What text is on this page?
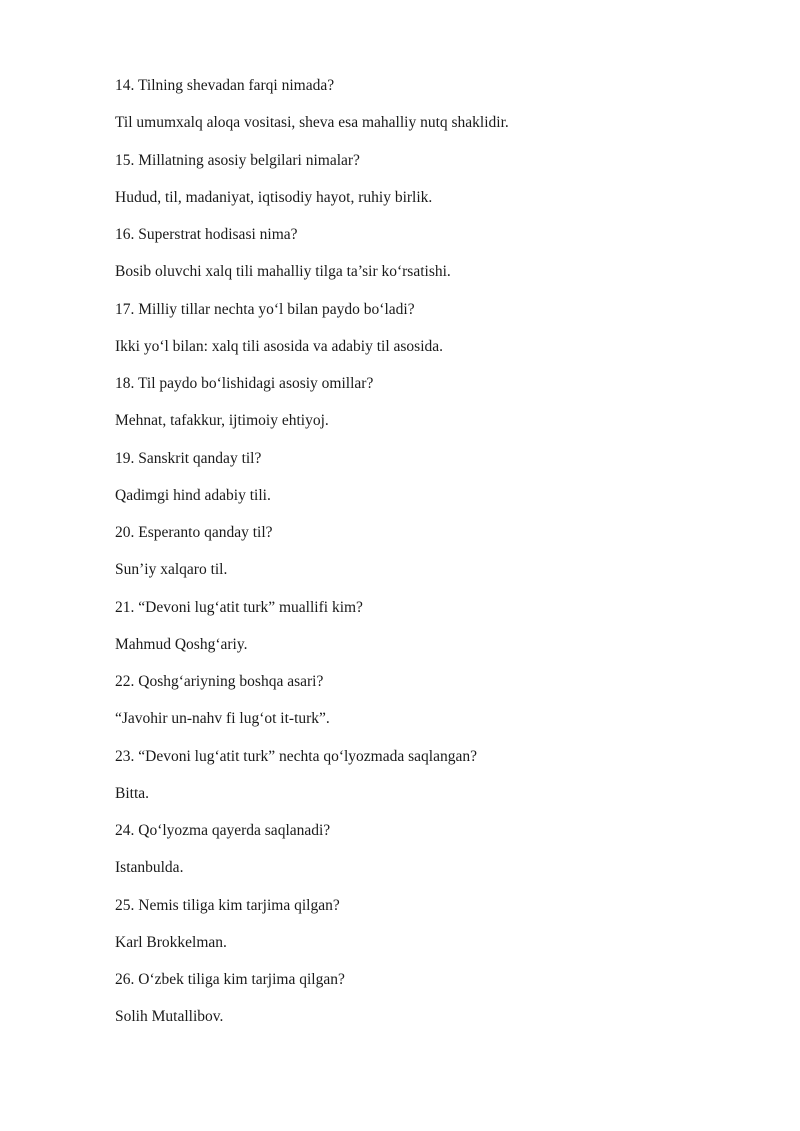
14. Tilning shevadan farqi nimada?
Til umumxalq aloqa vositasi, sheva esa mahalliy nutq shaklidir.
15. Millatning asosiy belgilari nimalar?
Hudud, til, madaniyat, iqtisodiy hayot, ruhiy birlik.
16. Superstrat hodisasi nima?
Bosib oluvchi xalq tili mahalliy tilga ta’sir ko‘rsatishi.
17. Milliy tillar nechta yo‘l bilan paydo bo‘ladi?
Ikki yo‘l bilan: xalq tili asosida va adabiy til asosida.
18. Til paydo bo‘lishidagi asosiy omillar?
Mehnat, tafakkur, ijtimoiy ehtiyoj.
19. Sanskrit qanday til?
Qadimgi hind adabiy tili.
20. Esperanto qanday til?
Sun’iy xalqaro til.
21. “Devoni lug‘atit turk” muallifi kim?
Mahmud Qoshg‘ariy.
22. Qoshg‘ariyning boshqa asari?
“Javohir un-nahv fi lug‘ot it-turk”.
23. “Devoni lug‘atit turk” nechta qo‘lyozmada saqlangan?
Bitta.
24. Qo‘lyozma qayerda saqlanadi?
Istanbulda.
25. Nemis tiliga kim tarjima qilgan?
Karl Brokkelman.
26. O‘zbek tiliga kim tarjima qilgan?
Solih Mutallibov.
